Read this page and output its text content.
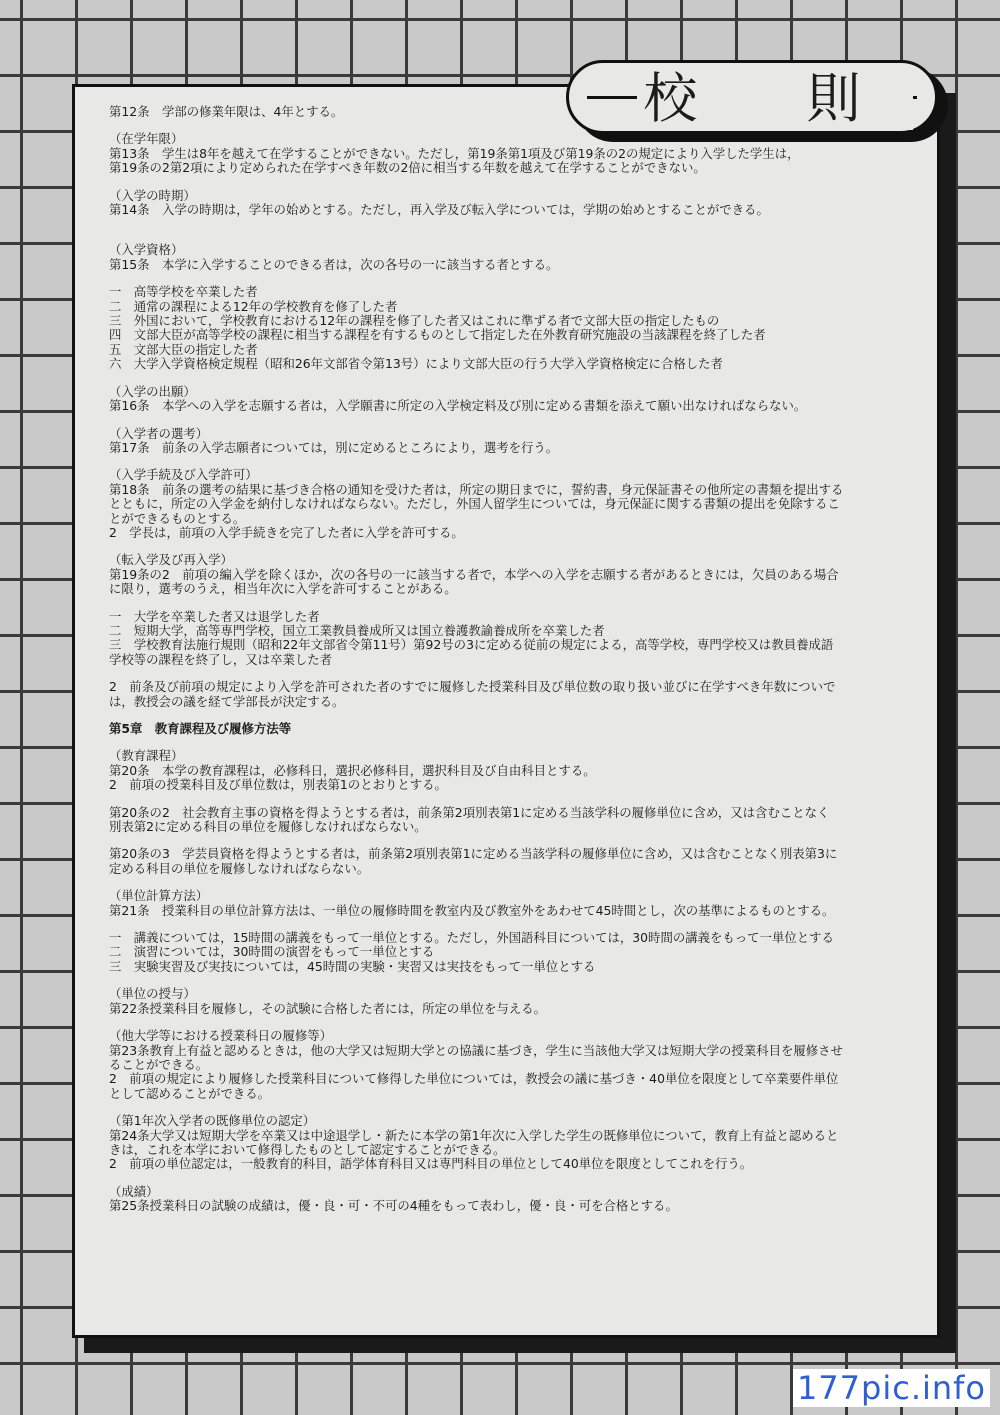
第12条　学部の修業年限は、4年とする。

（在学年限）

第13条　学生は8年を越えて在学することができない。ただし，第19条第1項及び第19条の2の規定により入学した学生は，

第19条の2第2項により定められた在学すべき年数の2倍に相当する年数を越えて在学することができない。

（入学の時期）

第14条　入学の時期は，学年の始めとする。ただし，再入学及び転入学については，学期の始めとすることができる。

（入学資格）

第15条　本学に入学することのできる者は，次の各号の一に該当する者とする。

一　高等学校を卒業した者

二　通常の課程による12年の学校教育を修了した者

三　外国において，学校教育における12年の課程を修了した者又はこれに準ずる者で文部大臣の指定したもの

四　文部大臣が高等学校の課程に相当する課程を有するものとして指定した在外教育研究施設の当該課程を終了した者

五　文部大臣の指定した者

六　大学入学資格検定規程（昭和26年文部省令第13号）により文部大臣の行う大学入学資格検定に合格した者

（入学の出願）

第16条　本学への入学を志願する者は，入学願書に所定の入学検定料及び別に定める書類を添えて願い出なければならない。

（入学者の選考）

第17条　前条の入学志願者については，別に定めるところにより，選考を行う。

（入学手続及び入学許可）

第18条　前条の選考の結果に基づき合格の通知を受けた者は，所定の期日までに，誓約書，身元保証書その他所定の書類を提出する

とともに，所定の入学金を納付しなければならない。ただし，外国人留学生については，身元保証に関する書類の提出を免除するこ

とができるものとする。

2　学長は，前項の入学手続きを完了した者に入学を許可する。

（転入学及び再入学）

第19条の2　前項の編入学を除くほか，次の各号の一に該当する者で，本学への入学を志願する者があるときには，欠員のある場合

に限り，選考のうえ，相当年次に入学を許可することがある。

一　大学を卒業した者又は退学した者

二　短期大学，高等専門学校，国立工業教員養成所又は国立養護教諭養成所を卒業した者

三　学校教育法施行規則（昭和22年文部省令第11号）第92号の3に定める従前の規定による，高等学校，専門学校又は教員養成語

学校等の課程を終了し，又は卒業した者

2　前条及び前項の規定により入学を許可された者のすでに履修した授業科目及び単位数の取り扱い並びに在学すべき年数についで

は，教授会の議を経て学部長が決定する。

第5章　教育課程及び履修方法等

（教育課程）

第20条　本学の教育課程は，必修科日，選択必修科目，選択科目及び自由科目とする。

2　前項の授業科目及び単位数は，別表第1のとおりとする。

第20条の2　社会教育主事の資格を得ようとする者は，前条第2項別表第1に定める当該学科の履修単位に含め，又は含むことなく

別表第2に定める科目の単位を履修しなければならない。

第20条の3　学芸員資格を得ようとする者は，前条第2項別表第1に定める当該学科の履修単位に含め，又は含むことなく別表第3に

定める科目の単位を履修しなければならない。

（単位計算方法）

第21条　授業科目の単位計算方法は、一単位の履修時間を教室内及び教室外をあわせて45時間とし，次の基準によるものとする。

一　講義については，15時間の講義をもって一単位とする。ただし，外国語科目については，30時間の講義をもって一単位とする

二　演習については，30時間の演習をもって一単位とする

三　実験実習及び実技については，45時間の実験・実習又は実技をもって一単位とする

（単位の授与）

第22条授業科目を履修し，その試験に合格した者には，所定の単位を与える。

（他大学等における授業科日の履修等）

第23条教育上有益と認めるときは，他の大学又は短期大学との協議に基づき，学生に当該他大学又は短期大学の授業科目を履修させ

ることができる。

2　前項の規定により履修した授業科目について修得した単位については，教授会の議に基づき・40単位を限度として卒業要件単位

として認めることができる。

（第1年次入学者の既修単位の認定）

第24条大学又は短期大学を卒業又は中途退学し・新たに本学の第1年次に入学した学生の既修単位について，教育上有益と認めると

きは，これを本学において修得したものとして認定することができる。

2　前項の単位認定は，一般教育的科目，語学体育科目又は専門科目の単位として40単位を限度としてこれを行う。

（成績）

第25条授業科日の試験の成績は，優・良・可・不可の4種をもって表わし，優・良・可を合格とする。

校 則
177pic.info
